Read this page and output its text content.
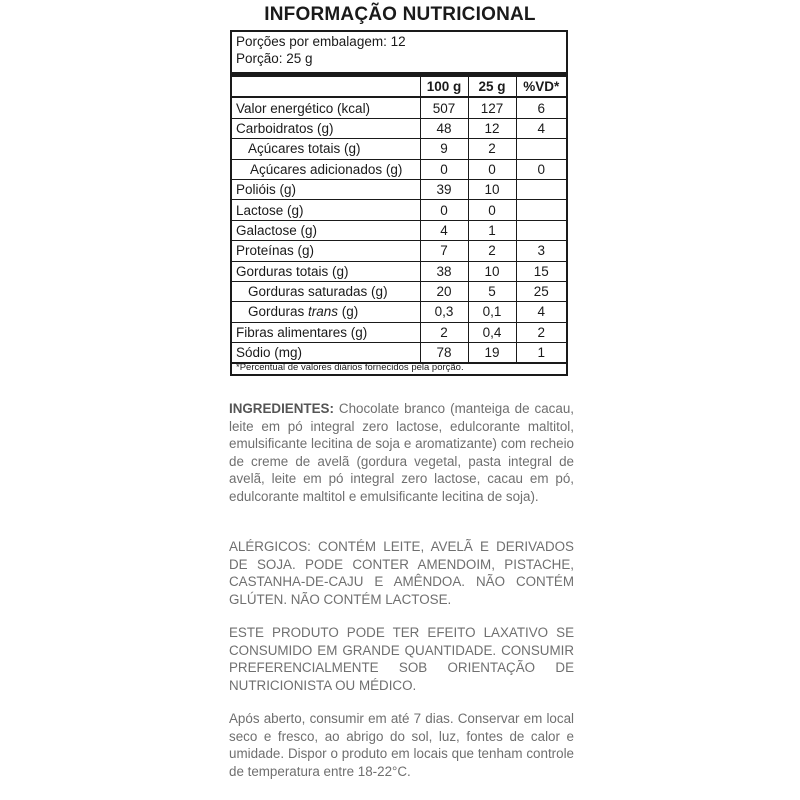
INFORMAÇÃO NUTRICIONAL
Porções por embalagem: 12
Porção: 25 g
	100 g	25 g	%VD*
Valor energético (kcal)	507	127	6
Carboidratos (g)	48	12	4
Açúcares totais (g)	9	2	
Açúcares adicionados (g)	0	0	0
Polióis (g)	39	10	
Lactose (g)	0	0	
Galactose (g)	4	1	
Proteínas (g)	7	2	3
Gorduras totais (g)	38	10	15
Gorduras saturadas (g)	20	5	25
Gorduras trans (g)	0,3	0,1	4
Fibras alimentares (g)	2	0,4	2
Sódio (mg)	78	19	1
*Percentual de valores diários fornecidos pela porção.
INGREDIENTES: Chocolate branco (manteiga de cacau, leite em pó integral zero lactose, edulcorante maltitol, emulsificante lecitina de soja e aromatizante) com recheio de creme de avelã (gordura vegetal, pasta integral de avelã, leite em pó integral zero lactose, cacau em pó, edulcorante maltitol e emulsificante lecitina de soja).
ALÉRGICOS: CONTÉM LEITE, AVELÃ E DERIVADOS DE SOJA. PODE CONTER AMENDOIM, PISTACHE, CASTANHA-DE-CAJU E AMÊNDOA. NÃO CONTÉM GLÚTEN. NÃO CONTÉM LACTOSE.
ESTE PRODUTO PODE TER EFEITO LAXATIVO SE CONSUMIDO EM GRANDE QUANTIDADE. CONSUMIR PREFERENCIALMENTE SOB ORIENTAÇÃO DE NUTRICIONISTA OU MÉDICO.
Após aberto, consumir em até 7 dias. Conservar em local seco e fresco, ao abrigo do sol, luz, fontes de calor e umidade. Dispor o produto em locais que tenham controle de temperatura entre 18-22°C.
